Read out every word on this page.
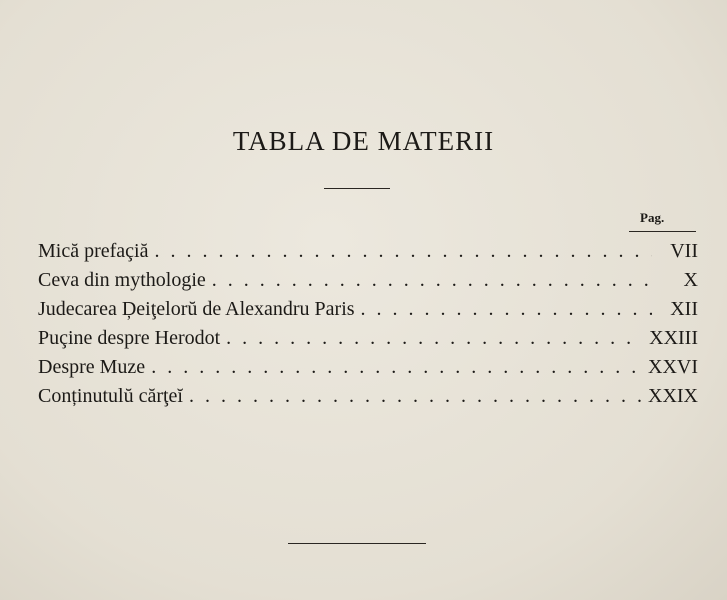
TABLA DE MATERII
Pag.
Mică prefaçiă . . .	VII
Ceva din mythologie . . .	X
Judecarea Ḑeiţelorŭ de Alexandru Paris . . .	XII
Puçine despre Herodot . . .	XXIII
Despre Muze . . .	XXVI
Conținutulŭ cărţeĭ . . .	XXIX
